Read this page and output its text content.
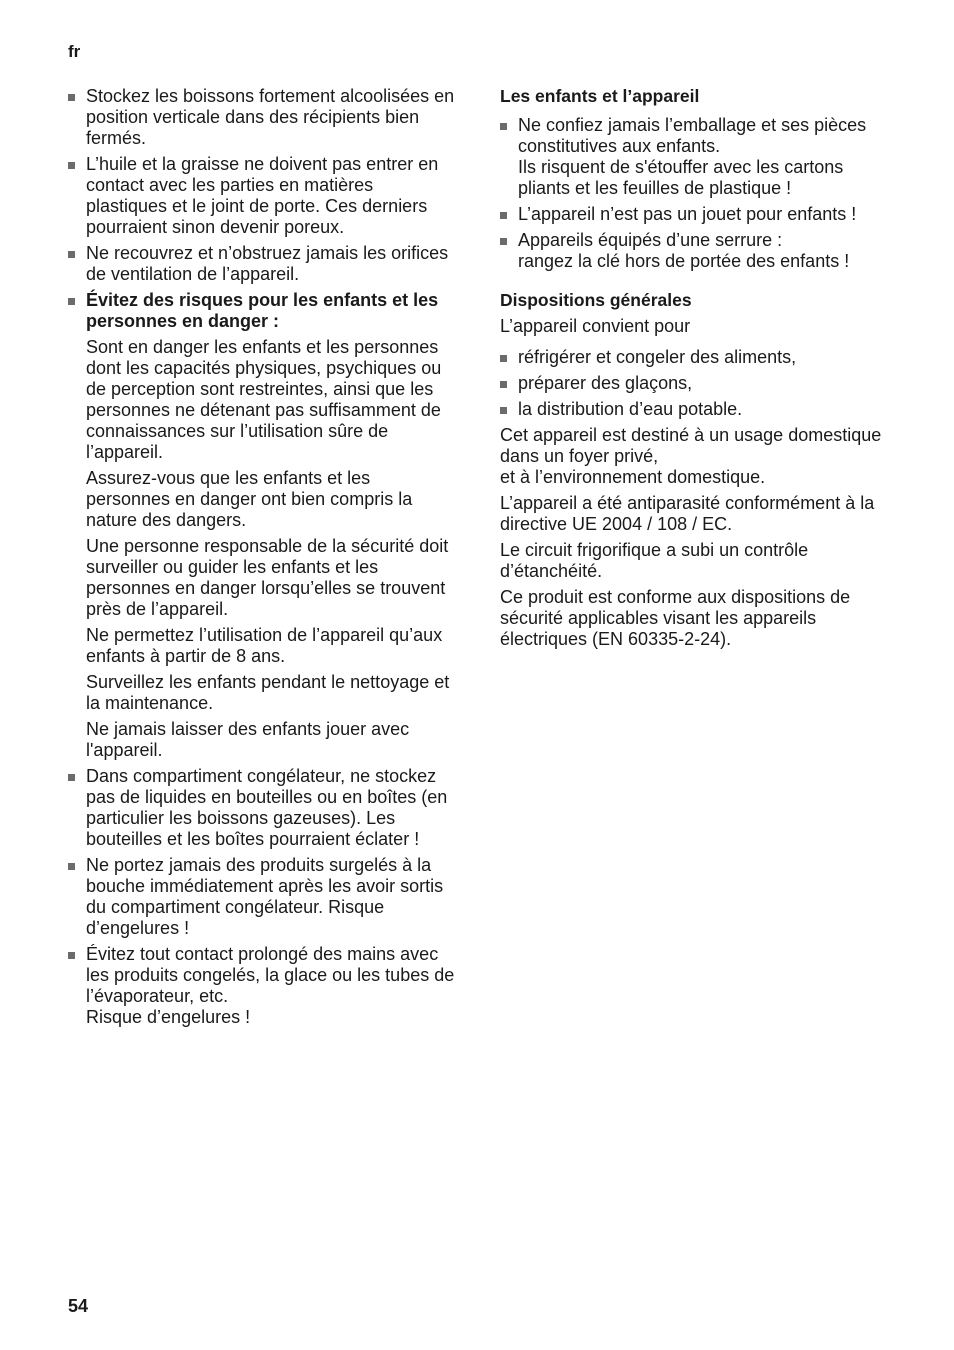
fr

Stockez les boissons fortement alcoolisées en position verticale dans des récipients bien fermés.

L’huile et la graisse ne doivent pas entrer en contact avec les parties en matières plastiques et le joint de porte. Ces derniers pourraient sinon devenir poreux.

Ne recouvrez et n’obstruez jamais les orifices de ventilation de l’appareil.

Évitez des risques pour les enfants et les personnes en danger :

Sont en danger les enfants et les personnes dont les capacités physiques, psychiques ou de perception sont restreintes, ainsi que les personnes ne détenant pas suffisamment de connaissances sur l’utilisation sûre de l’appareil.

Assurez-vous que les enfants et les personnes en danger ont bien compris la nature des dangers.

Une personne responsable de la sécurité doit surveiller ou guider les enfants et les personnes en danger lorsqu’elles se trouvent près de l’appareil.

Ne permettez l’utilisation de l’appareil qu’aux enfants à partir de 8 ans.

Surveillez les enfants pendant le nettoyage et la maintenance.

Ne jamais laisser des enfants jouer avec l'appareil.

Dans compartiment congélateur, ne stockez pas de liquides en bouteilles ou en boîtes (en particulier les boissons gazeuses). Les bouteilles et les boîtes pourraient éclater !

Ne portez jamais des produits surgelés à la bouche immédiatement après les avoir sortis du compartiment congélateur. Risque d’engelures !

Évitez tout contact prolongé des mains avec les produits congelés, la glace ou les tubes de l’évaporateur, etc.

Risque d’engelures !

Les enfants et l’appareil

Ne confiez jamais l’emballage et ses pièces constitutives aux enfants.

Ils risquent de s'étouffer avec les cartons pliants et les feuilles de plastique !

L’appareil n’est pas un jouet pour enfants !

Appareils équipés d’une serrure :

rangez la clé hors de portée des enfants !

Dispositions générales

L’appareil convient pour

réfrigérer et congeler des aliments,

préparer des glaçons,

la distribution d’eau potable.

Cet appareil est destiné à un usage domestique dans un foyer privé,

et à l’environnement domestique.

L’appareil a été antiparasité conformément à la directive UE 2004 / 108 / EC.

Le circuit frigorifique a subi un contrôle d’étanchéité.

Ce produit est conforme aux dispositions de sécurité applicables visant les appareils électriques (EN 60335-2-24).

54
